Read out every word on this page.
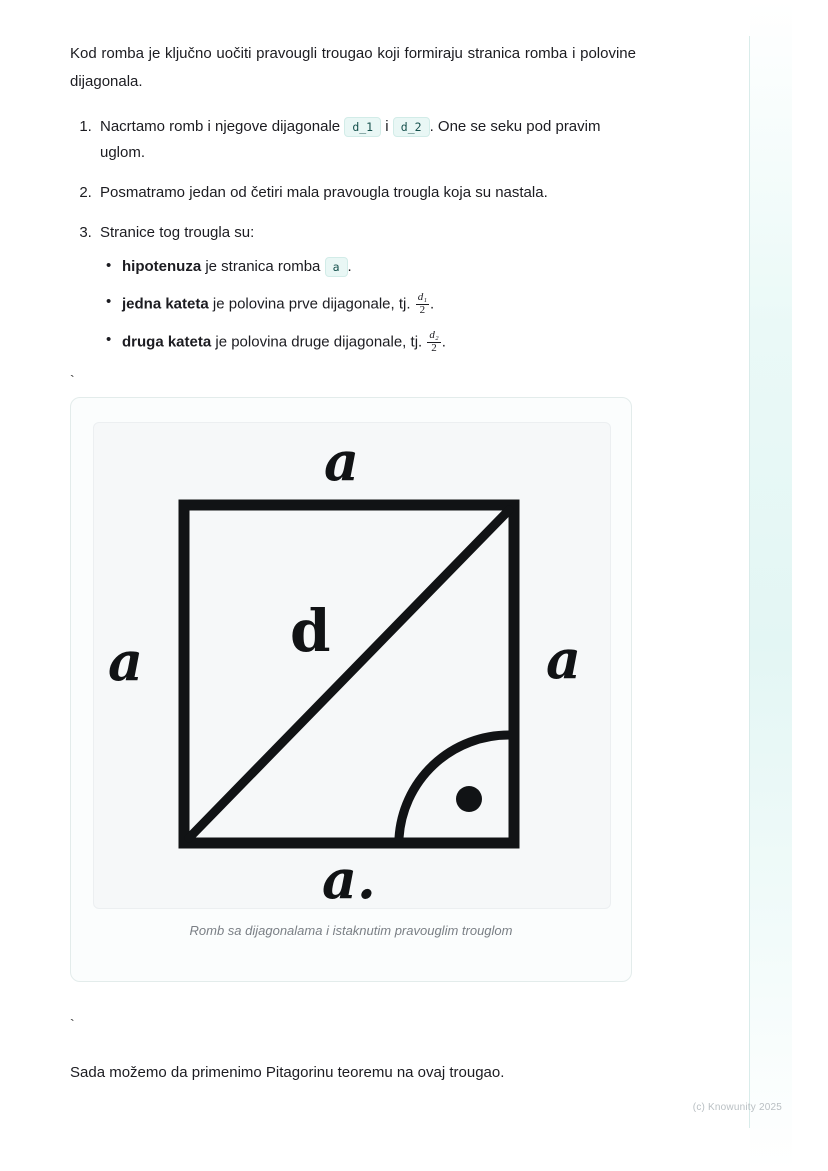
Kod romba je ključno uočiti pravougli trougao koji formiraju stranica romba i polovine dijagonala.

1. Nacrtamo romb i njegove dijagonale d_1 i d_2 . One se seku pod pravim uglom.
2. Posmatramo jedan od četiri mala pravougla trougla koja su nastala.
3. Stranice tog trougla su:
• hipotenuza je stranica romba a .
• jedna kateta je polovina prve dijagonale, tj. $\frac{\text{d₁}}{2}$ .
• druga kateta je polovina druge dijagonale, tj. $\frac{\text{d₂}}{2}$ .
`
a
a	a
a.
d
Romb sa dijagonalama i istaknutim pravouglim trouglom
`
Sada možemo da primenimo Pitagorinu teoremu na ovaj trougao.
(c) Knowunity 2025
